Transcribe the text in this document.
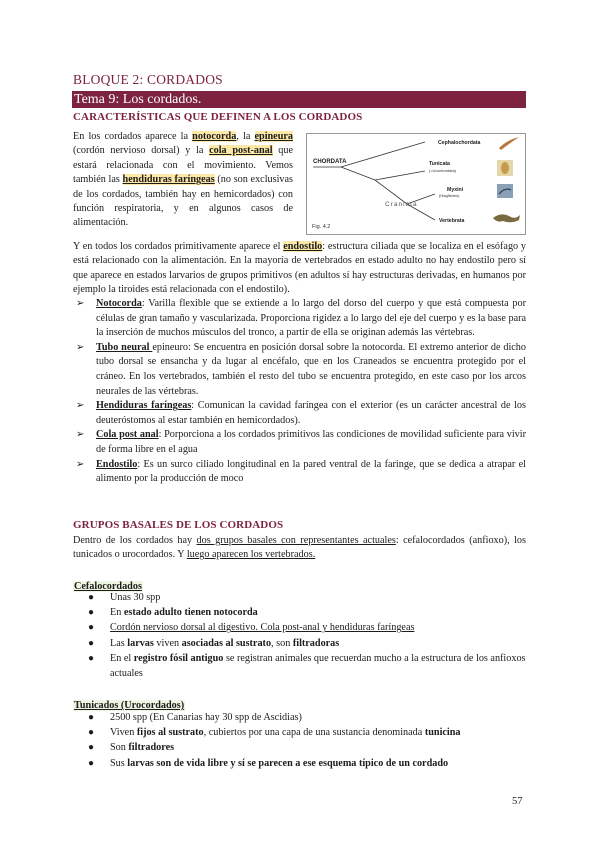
BLOQUE 2: CORDADOS
Tema 9: Los cordados.
CARACTERÍSTICAS QUE DEFINEN A LOS CORDADOS

En los cordados aparece la notocorda, la epineura (cordón nervioso dorsal) y la cola post-anal que estará relacionada con el movimiento. Vemos también las hendiduras faríngeas (no son exclusivas de los cordados, también hay en hemicordados) con función respiratoria, y en algunos casos de alimentación.

CHORDATA
Craniata
Fig. 4.2
Cephalochordata
Tunicata
(=Urochordata)
Myxini
(Hagfishes)
Vertebrata

Y en todos los cordados primitivamente aparece el endostilo: estructura ciliada que se localiza en el esófago y está relacionado con la alimentación. En la mayoría de vertebrados en estado adulto no hay endostilo pero sí que aparece en estados larvarios de grupos primitivos (en adultos sí hay estructuras derivadas, en humanos por ejemplo la tiroides está relacionada con el endostilo).

➢ Notocorda: Varilla flexible que se extiende a lo largo del dorso del cuerpo y que está compuesta por células de gran tamaño y vascularizada. Proporciona rigidez a lo largo del eje del cuerpo y es la base para la inserción de muchos músculos del tronco, a partir de ella se originan además las vértebras.
➢ Tubo neural epineuro: Se encuentra en posición dorsal sobre la notocorda. El extremo anterior de dicho tubo dorsal se ensancha y da lugar al encéfalo, que en los Craneados se encuentra protegido por el cráneo. En los vertebrados, también el resto del tubo se encuentra protegido, en este caso por los arcos neurales de las vértebras.
➢ Hendiduras faríngeas: Comunican la cavidad faríngea con el exterior (es un carácter ancestral de los deuteróstomos al estar también en hemicordados).
➢ Cola post anal: Porporciona a los cordados primitivos las condiciones de movilidad suficiente para vivir de forma libre en el agua
➢ Endostilo: Es un surco ciliado longitudinal en la pared ventral de la faringe, que se dedica a atrapar el alimento por la producción de moco
GRUPOS BASALES DE LOS CORDADOS

Dentro de los cordados hay dos grupos basales con representantes actuales: cefalocordados (anfioxo), los tunicados o urocordados. Y luego aparecen los vertebrados.

Cefalocordados
● Unas 30 spp
● En estado adulto tienen notocorda
● Cordón nervioso dorsal al digestivo. Cola post-anal y hendiduras faríngeas
● Las larvas viven asociadas al sustrato, son filtradoras
● En el registro fósil antiguo se registran animales que recuerdan mucho a la estructura de los anfioxos actuales
Tunicados (Urocordados)
● 2500 spp (En Canarias hay 30 spp de Ascidias)
● Viven fijos al sustrato, cubiertos por una capa de una sustancia denominada tunicina
● Son filtradores
● Sus larvas son de vida libre y sí se parecen a ese esquema típico de un cordado
57
